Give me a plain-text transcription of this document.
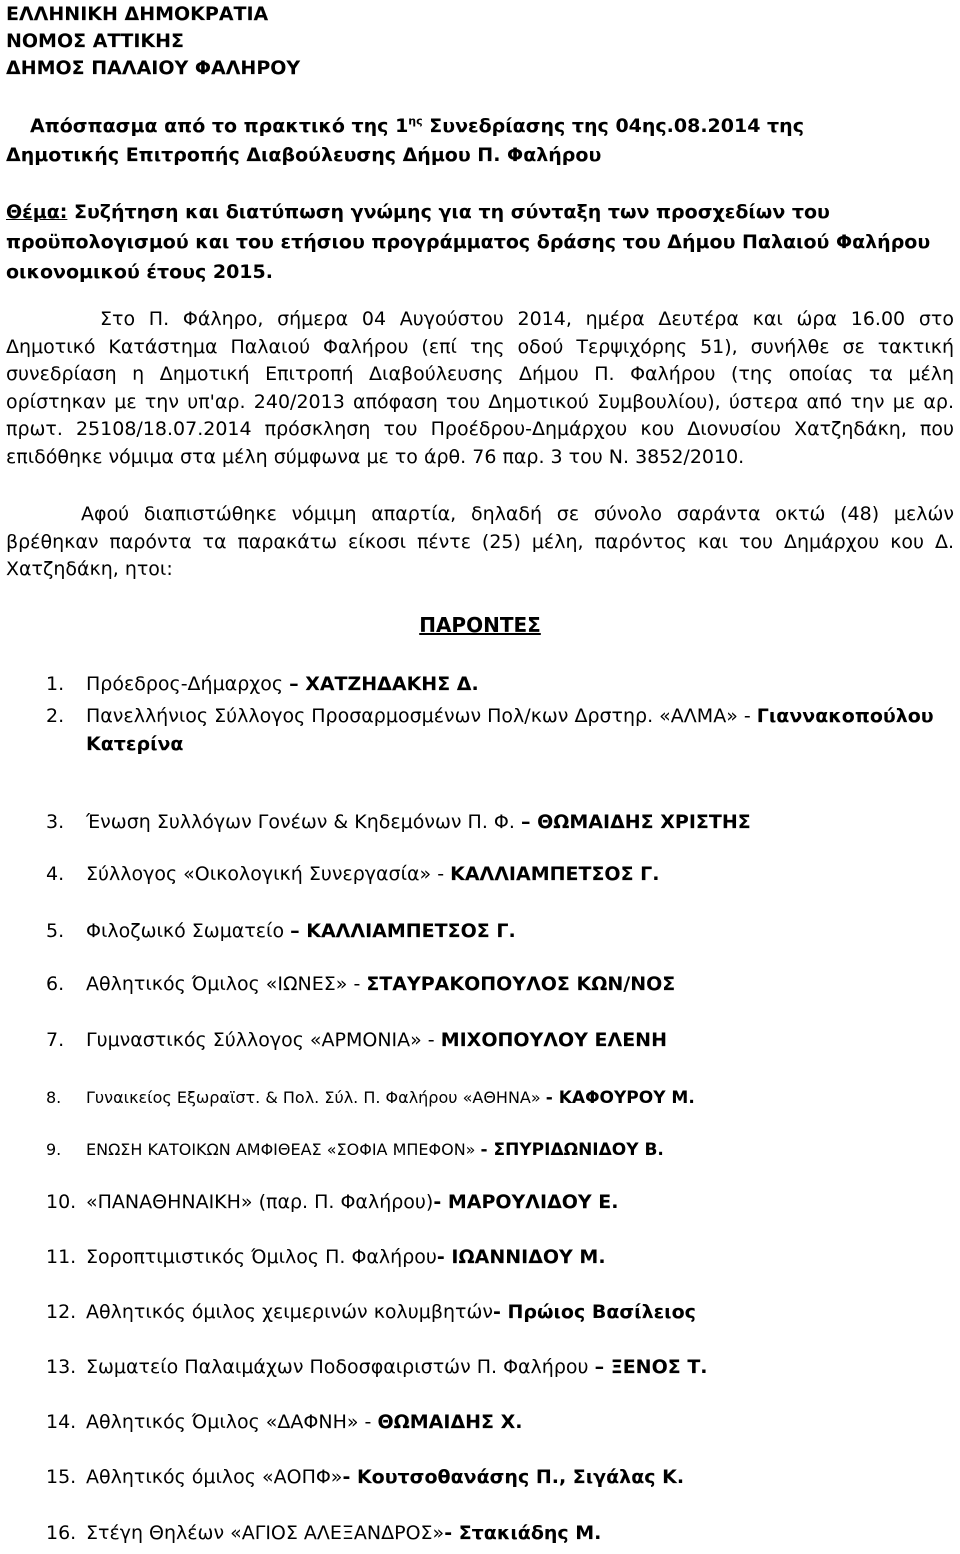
ΕΛΛΗΝΙΚΗ ΔΗΜΟΚΡΑΤΙΑ
ΝΟΜΟΣ ΑΤΤΙΚΗΣ
ΔΗΜΟΣ ΠΑΛΑΙΟΥ ΦΑΛΗΡΟΥ
Απόσπασμα από το πρακτικό της $1^{\eta\varsigma}$ Συνεδρίασης της 04ης.08.2014 της
Δημοτικής Επιτροπής Διαβούλευσης Δήμου Π. Φαλήρου
Θέμα: Συζήτηση και διατύπωση γνώμης για τη σύνταξη των προσχεδίων του προϋπολογισμού και του ετήσιου προγράμματος δράσης του Δήμου Παλαιού Φαλήρου οικονομικού έτους 2015.
Στο Π. Φάληρο, σήμερα 04 Αυγούστου 2014, ημέρα Δευτέρα και ώρα 16.00 στο Δημοτικό Κατάστημα Παλαιού Φαλήρου (επί της οδού Τερψιχόρης 51), συνήλθε σε τακτική συνεδρίαση η Δημοτική Επιτροπή Διαβούλευσης Δήμου Π. Φαλήρου (της οποίας τα μέλη ορίστηκαν με την υπ'αρ. 240/2013 απόφαση του Δημοτικού Συμβουλίου), ύστερα από την με αρ. πρωτ. 25108/18.07.2014 πρόσκληση του Προέδρου-Δημάρχου κου Διονυσίου Χατζηδάκη, που επιδόθηκε νόμιμα στα μέλη σύμφωνα με το άρθ. 76 παρ. 3 του Ν. 3852/2010.
Αφού διαπιστώθηκε νόμιμη απαρτία, δηλαδή σε σύνολο σαράντα οκτώ (48) μελών βρέθηκαν παρόντα τα παρακάτω είκοσι πέντε (25) μέλη, παρόντος και του Δημάρχου κου Δ. Χατζηδάκη, ητοι:
ΠΑΡΟΝΤΕΣ
1.	Πρόεδρος-Δήμαρχος – ΧΑΤΖΗΔΑΚΗΣ Δ.
2.	Πανελλήνιος Σύλλογος Προσαρμοσμένων Πολ/κων Δρστηρ. «ΑΛΜΑ» - Γιαννακοπούλου Κατερίνα
3.	Ένωση Συλλόγων Γονέων & Κηδεμόνων Π. Φ. – ΘΩΜΑΙΔΗΣ ΧΡΙΣΤΗΣ
4.	Σύλλογος «Οικολογική Συνεργασία» - ΚΑΛΛΙΑΜΠΕΤΣΟΣ Γ.
5.	Φιλοζωικό Σωματείο – ΚΑΛΛΙΑΜΠΕΤΣΟΣ Γ.
6.	Αθλητικός Όμιλος «ΙΩΝΕΣ» - ΣΤΑΥΡΑΚΟΠΟΥΛΟΣ ΚΩΝ/ΝΟΣ
7.	Γυμναστικός Σύλλογος «ΑΡΜΟΝΙΑ» - ΜΙΧΟΠΟΥΛΟΥ ΕΛΕΝΗ
8.	Γυναικείος Εξωραϊστ. & Πολ. Σύλ. Π. Φαλήρου «ΑΘΗΝΑ» - ΚΑΦΟΥΡΟΥ Μ.
9.	ΕΝΩΣΗ ΚΑΤΟΙΚΩΝ ΑΜΦΙΘΕΑΣ «ΣΟΦΙΑ ΜΠΕΦΟΝ» - ΣΠΥΡΙΔΩΝΙΔΟΥ Β.
10. «ΠΑΝΑΘΗΝΑΙΚΗ» (παρ. Π. Φαλήρου)- ΜΑΡΟΥΛΙΔΟΥ Ε.
11. Σοροπτιμιστικός Όμιλος Π. Φαλήρου- ΙΩΑΝΝΙΔΟΥ Μ.
12. Αθλητικός όμιλος χειμερινών κολυμβητών- Πρώιος Βασίλειος
13. Σωματείο Παλαιμάχων Ποδοσφαιριστών Π. Φαλήρου – ΞΕΝΟΣ Τ.
14. Αθλητικός Όμιλος «ΔΑΦΝΗ» - ΘΩΜΑΙΔΗΣ Χ.
15. Αθλητικός όμιλος «ΑΟΠΦ»- Κουτσοθανάσης Π., Σιγάλας Κ.
16. Στέγη Θηλέων «ΑΓΙΟΣ ΑΛΕΞΑΝΔΡΟΣ»- Στακιάδης Μ.
